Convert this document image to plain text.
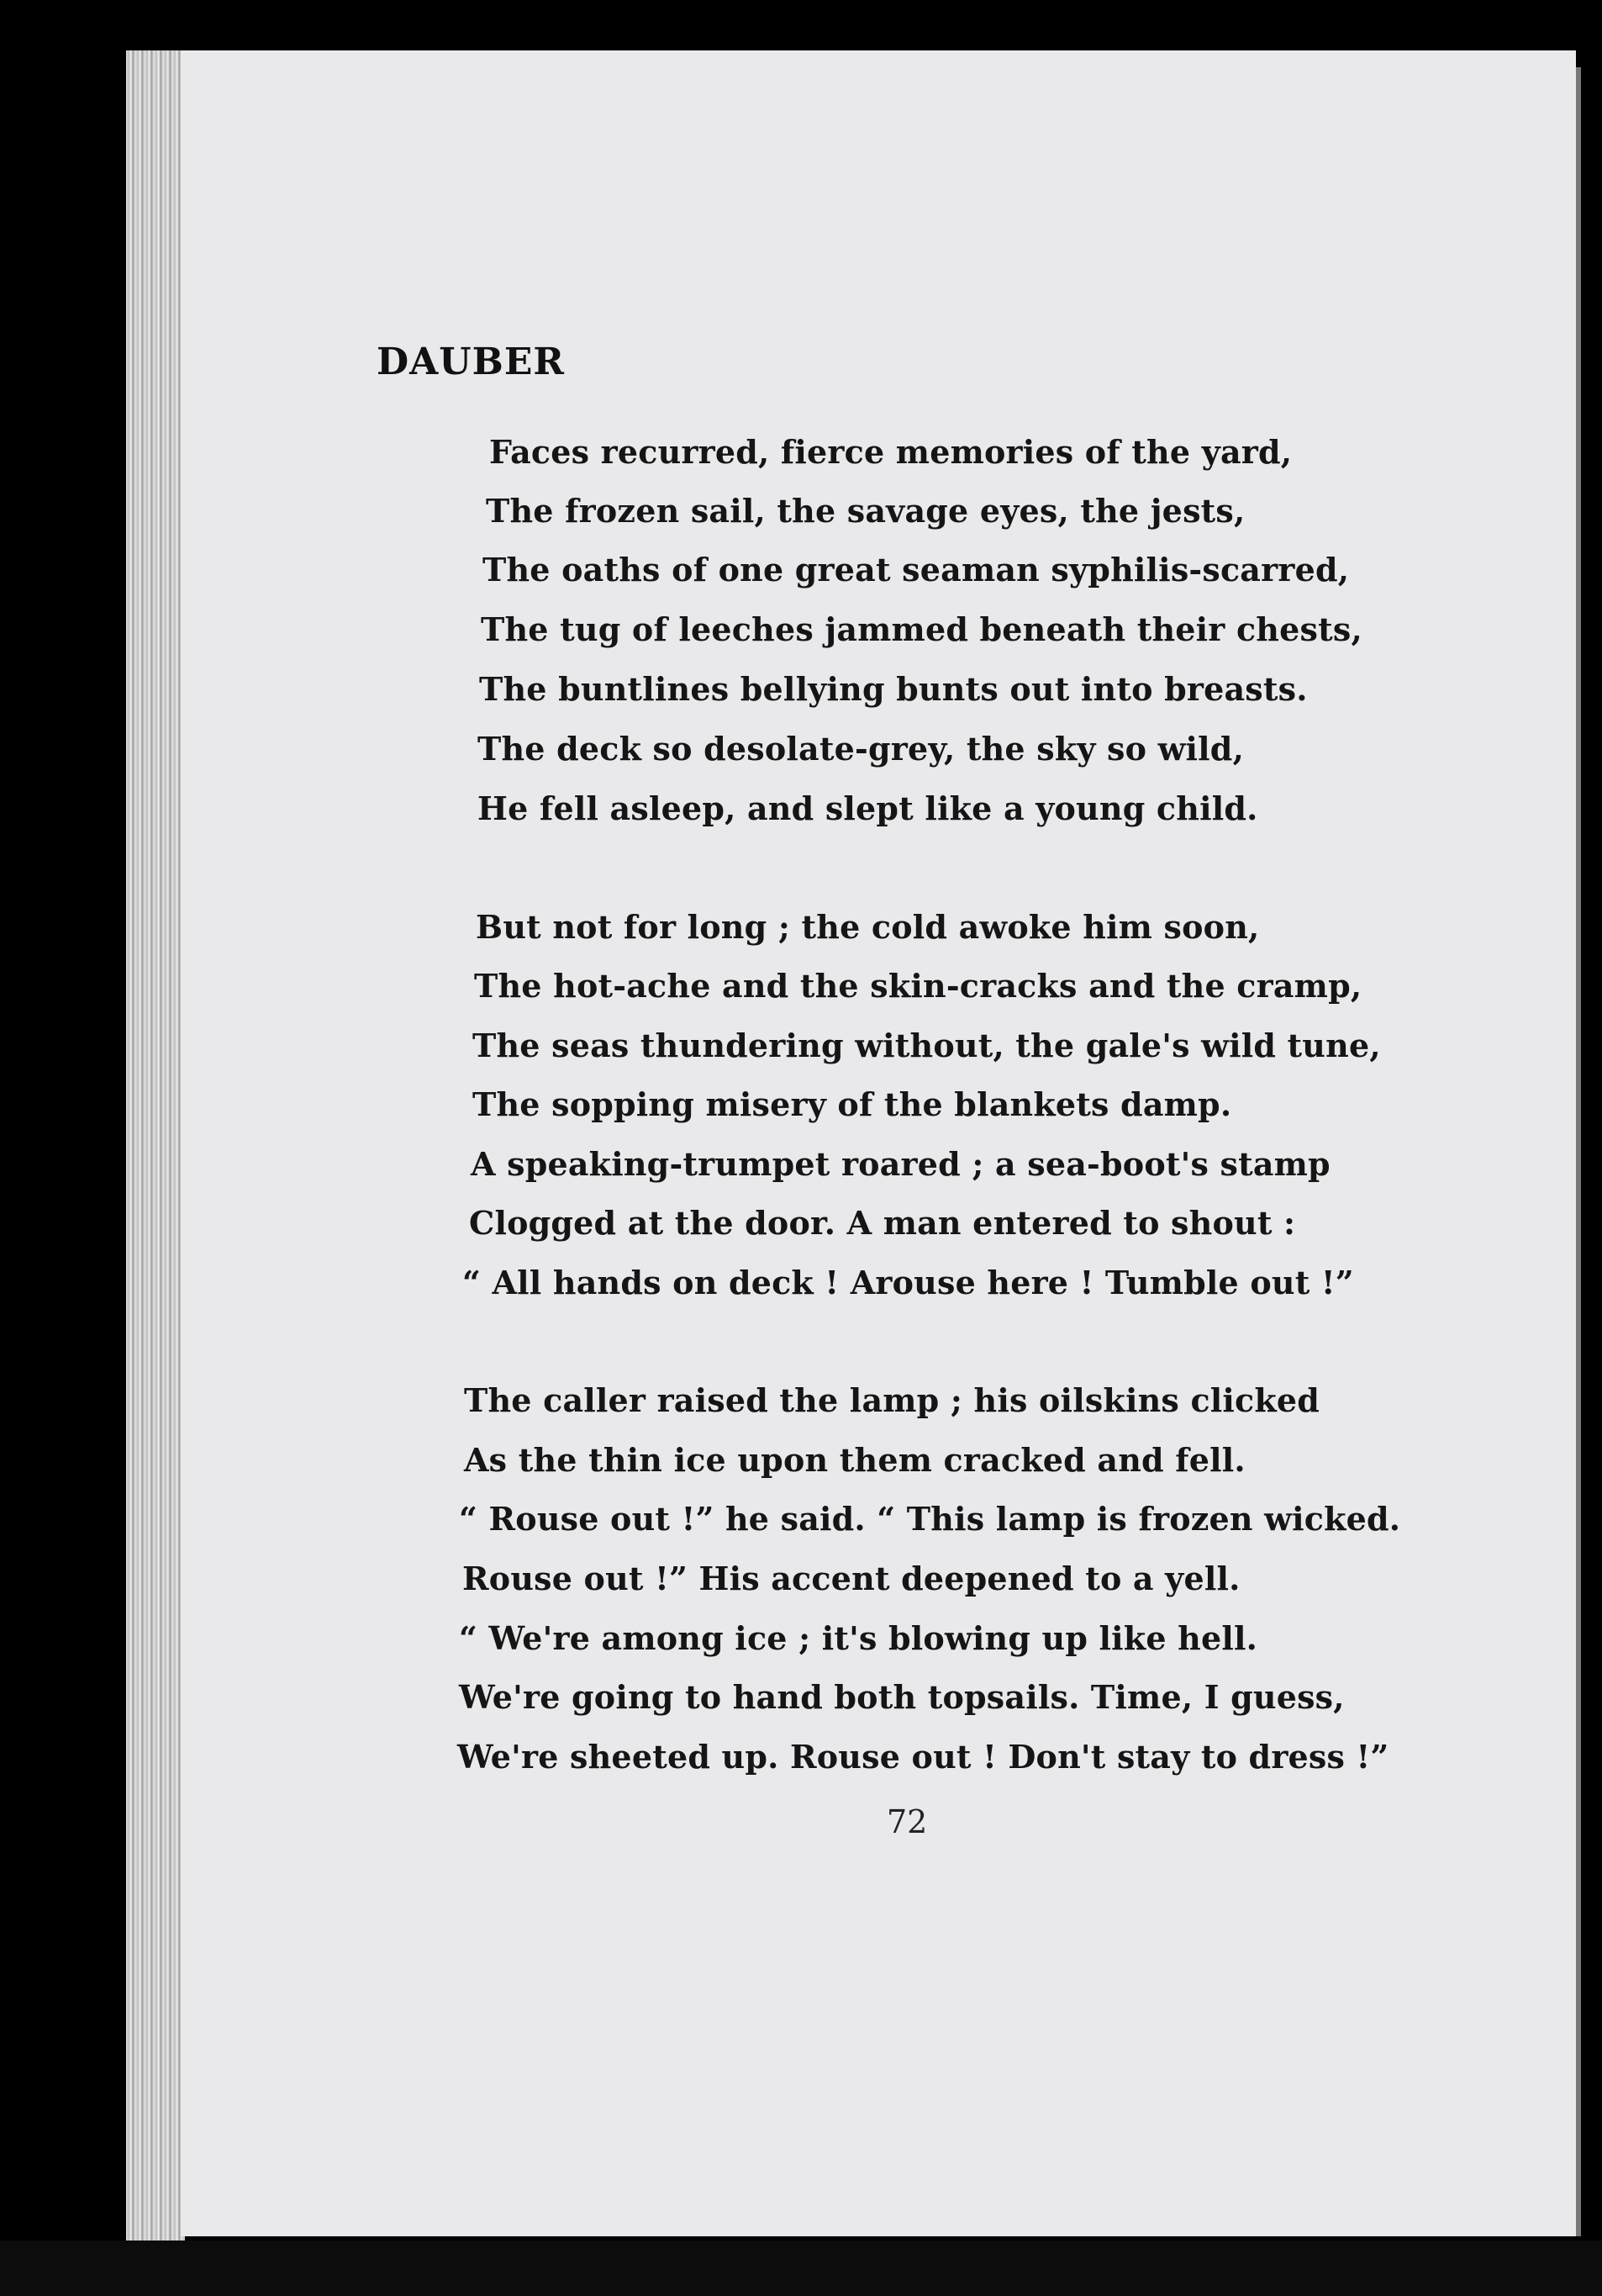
DAUBER
Faces recurred, fierce memories of the yard,
The frozen sail, the savage eyes, the jests,
The oaths of one great seaman syphilis-scarred,
The tug of leeches jammed beneath their chests,
The buntlines bellying bunts out into breasts.
The deck so desolate-grey, the sky so wild,
He fell asleep, and slept like a young child.
But not for long ; the cold awoke him soon,
The hot-ache and the skin-cracks and the cramp,
The seas thundering without, the gale's wild tune,
The sopping misery of the blankets damp.
A speaking-trumpet roared ; a sea-boot's stamp
Clogged at the door. A man entered to shout :
“ All hands on deck ! Arouse here ! Tumble out !”
The caller raised the lamp ; his oilskins clicked
As the thin ice upon them cracked and fell.
“ Rouse out !” he said. “ This lamp is frozen wicked.
Rouse out !” His accent deepened to a yell.
“ We're among ice ; it's blowing up like hell.
We're going to hand both topsails. Time, I guess,
We're sheeted up. Rouse out ! Don't stay to dress !”
72
